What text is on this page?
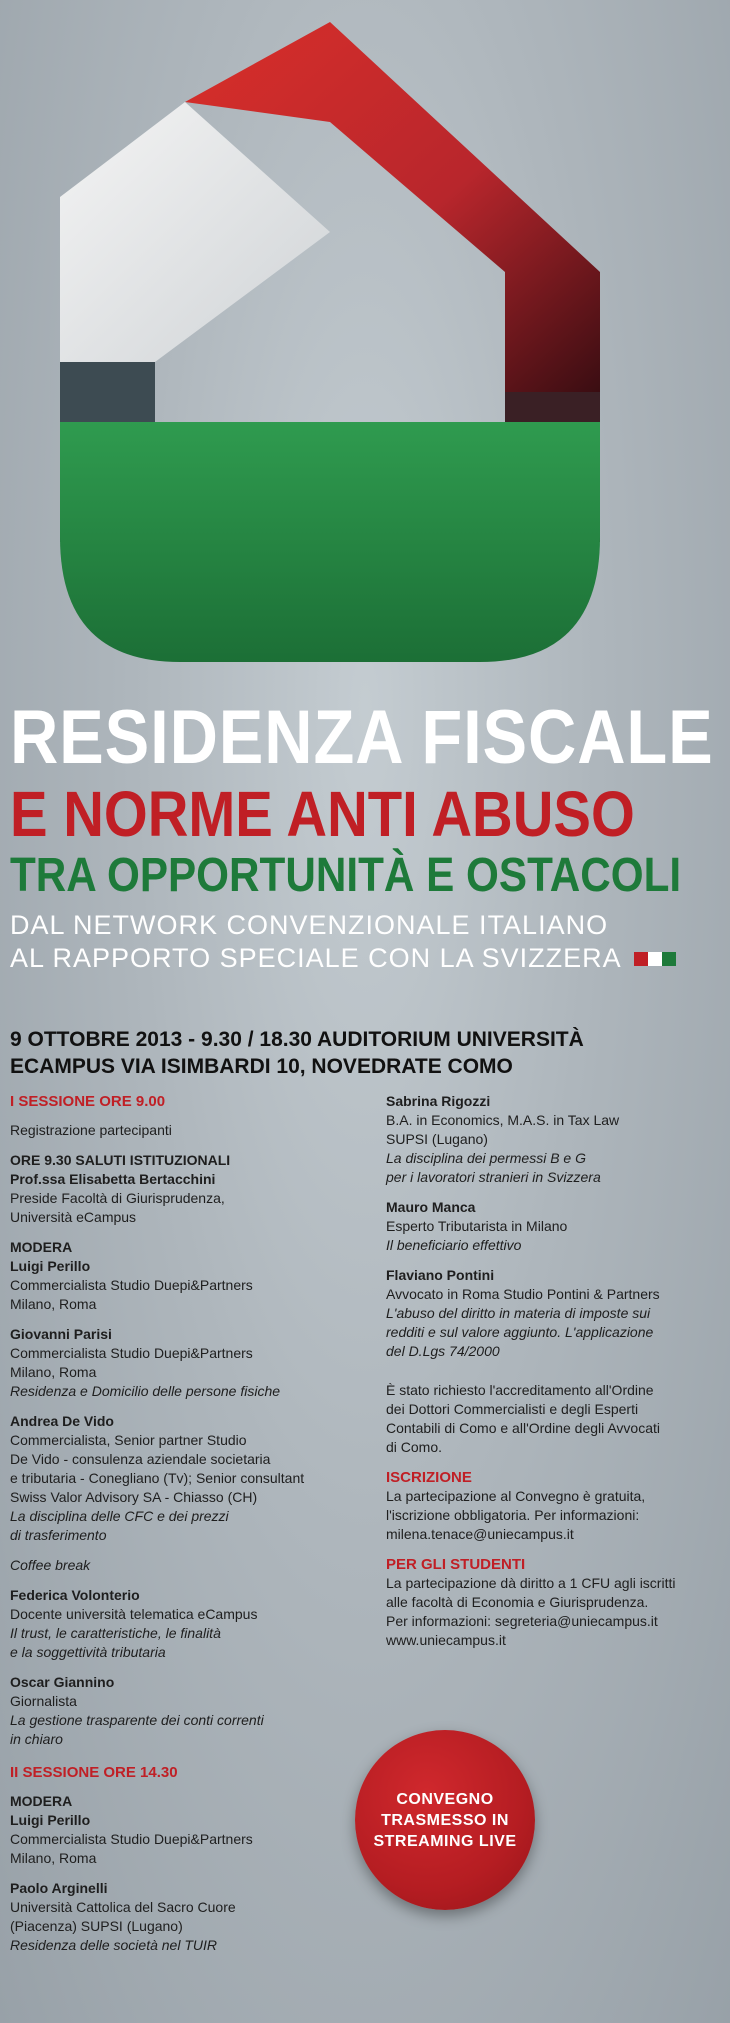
RESIDENZA FISCALE
E NORME ANTI ABUSO
TRA OPPORTUNITÀ E OSTACOLI
DAL NETWORK CONVENZIONALE ITALIANO
AL RAPPORTO SPECIALE CON LA SVIZZERA
9 OTTOBRE 2013 - 9.30 / 18.30 AUDITORIUM UNIVERSITÀ
ECAMPUS VIA ISIMBARDI 10, NOVEDRATE COMO
I SESSIONE ORE 9.00
Registrazione partecipanti
ORE 9.30 SALUTI ISTITUZIONALI
Prof.ssa Elisabetta Bertacchini
Preside Facoltà di Giurisprudenza,
Università eCampus
MODERA
Luigi Perillo
Commercialista Studio Duepi&Partners
Milano, Roma
Giovanni Parisi
Commercialista Studio Duepi&Partners
Milano, Roma
Residenza e Domicilio delle persone fisiche
Andrea De Vido
Commercialista, Senior partner Studio
De Vido - consulenza aziendale societaria
e tributaria - Conegliano (Tv); Senior consultant
Swiss Valor Advisory SA - Chiasso (CH)
La disciplina delle CFC e dei prezzi
di trasferimento
Coffee break
Federica Volonterio
Docente università telematica eCampus
Il trust, le caratteristiche, le finalità
e la soggettività tributaria
Oscar Giannino
Giornalista
La gestione trasparente dei conti correnti
in chiaro
II SESSIONE ORE 14.30
MODERA
Luigi Perillo
Commercialista Studio Duepi&Partners
Milano, Roma
Paolo Arginelli
Università Cattolica del Sacro Cuore
(Piacenza) SUPSI (Lugano)
Residenza delle società nel TUIR
Sabrina Rigozzi
B.A. in Economics, M.A.S. in Tax Law
SUPSI (Lugano)
La disciplina dei permessi B e G
per i lavoratori stranieri in Svizzera
Mauro Manca
Esperto Tributarista in Milano
Il beneficiario effettivo
Flaviano Pontini
Avvocato in Roma Studio Pontini & Partners
L'abuso del diritto in materia di imposte sui
redditi e sul valore aggiunto. L'applicazione
del D.Lgs 74/2000
È stato richiesto l'accreditamento all'Ordine
dei Dottori Commercialisti e degli Esperti
Contabili di Como e all'Ordine degli Avvocati
di Como.
ISCRIZIONE
La partecipazione al Convegno è gratuita,
l'iscrizione obbligatoria. Per informazioni:
milena.tenace@uniecampus.it
PER GLI STUDENTI
La partecipazione dà diritto a 1 CFU agli iscritti
alle facoltà di Economia e Giurisprudenza.
Per informazioni: segreteria@uniecampus.it
www.uniecampus.it
CONVEGNO
TRASMESSO IN
STREAMING LIVE
